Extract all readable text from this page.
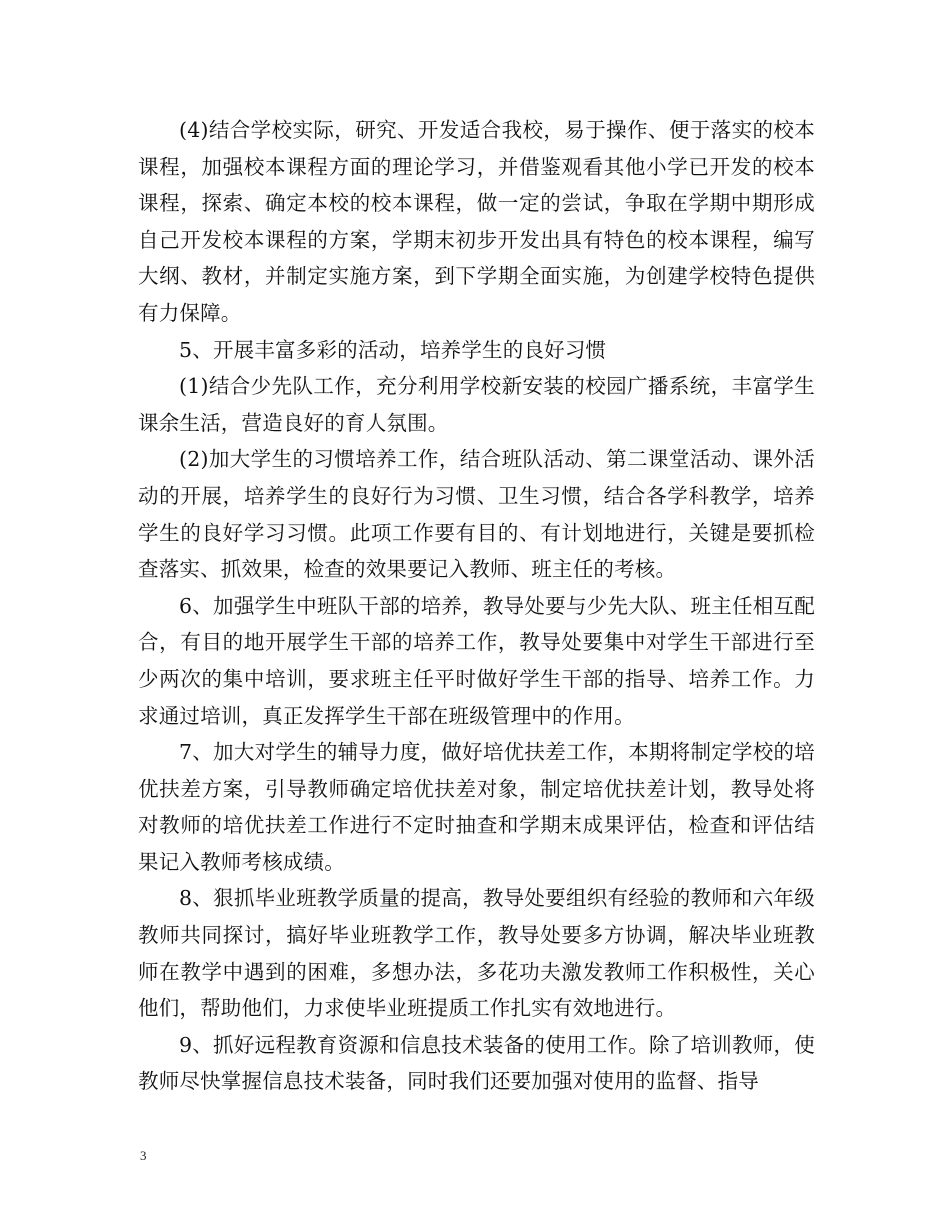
(4)结合学校实际，研究、开发适合我校，易于操作、便于落实的校本课程，加强校本课程方面的理论学习，并借鉴观看其他小学已开发的校本课程，探索、确定本校的校本课程，做一定的尝试，争取在学期中期形成自己开发校本课程的方案，学期末初步开发出具有特色的校本课程，编写大纲、教材，并制定实施方案，到下学期全面实施，为创建学校特色提供有力保障。

5、开展丰富多彩的活动，培养学生的良好习惯

(1)结合少先队工作，充分利用学校新安装的校园广播系统，丰富学生课余生活，营造良好的育人氛围。

(2)加大学生的习惯培养工作，结合班队活动、第二课堂活动、课外活动的开展，培养学生的良好行为习惯、卫生习惯，结合各学科教学，培养学生的良好学习习惯。此项工作要有目的、有计划地进行，关键是要抓检查落实、抓效果，检查的效果要记入教师、班主任的考核。

6、加强学生中班队干部的培养，教导处要与少先大队、班主任相互配合，有目的地开展学生干部的培养工作，教导处要集中对学生干部进行至少两次的集中培训，要求班主任平时做好学生干部的指导、培养工作。力求通过培训，真正发挥学生干部在班级管理中的作用。

7、加大对学生的辅导力度，做好培优扶差工作，本期将制定学校的培优扶差方案，引导教师确定培优扶差对象，制定培优扶差计划，教导处将对教师的培优扶差工作进行不定时抽查和学期末成果评估，检查和评估结果记入教师考核成绩。

8、狠抓毕业班教学质量的提高，教导处要组织有经验的教师和六年级教师共同探讨，搞好毕业班教学工作，教导处要多方协调，解决毕业班教师在教学中遇到的困难，多想办法，多花功夫激发教师工作积极性，关心他们，帮助他们，力求使毕业班提质工作扎实有效地进行。

9、抓好远程教育资源和信息技术装备的使用工作。除了培训教师，使教师尽快掌握信息技术装备，同时我们还要加强对使用的监督、指导

3
